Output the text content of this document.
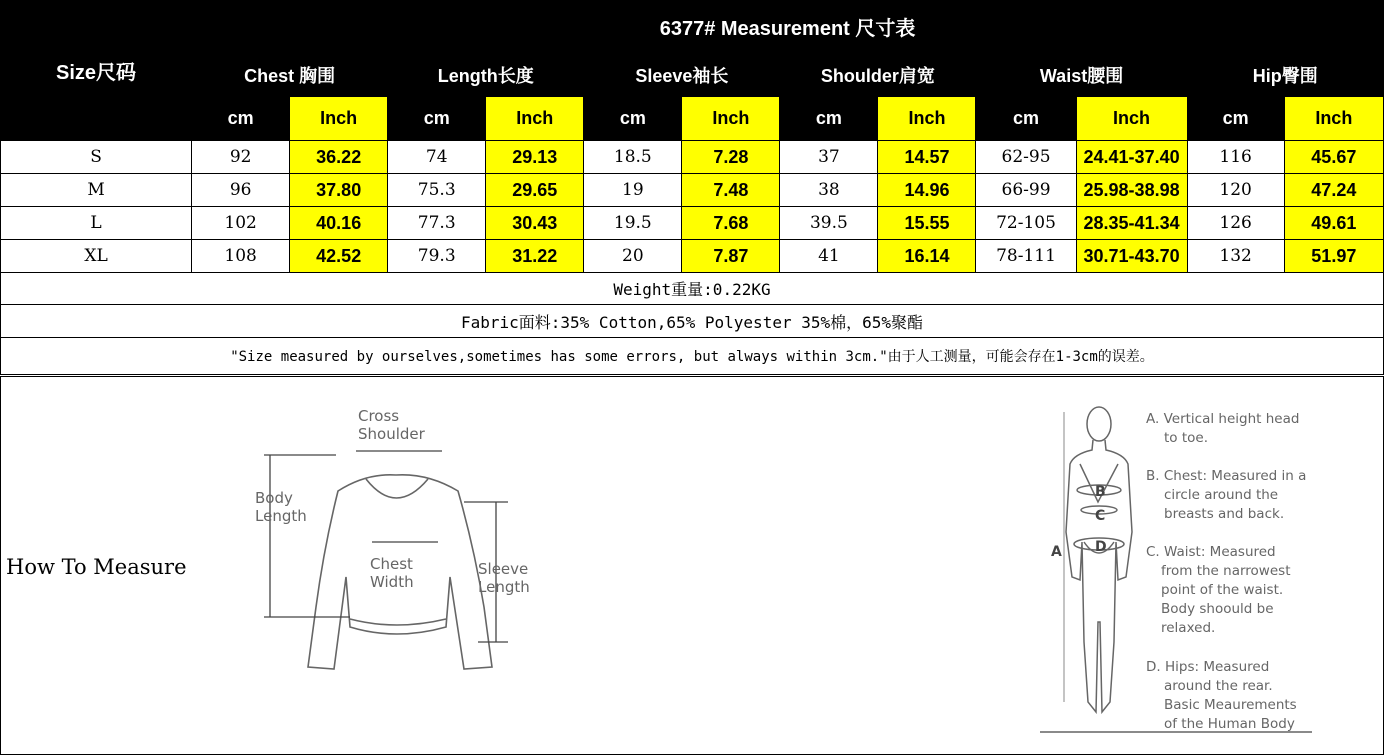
Size尺码	6377# Measurement 尺寸表											
	Chest 胸围		Length长度		Sleeve袖长		Shoulder肩宽		Waist腰围		Hip臀围	
	cm	Inch	cm	Inch	cm	Inch	cm	Inch	cm	Inch	cm	Inch
S	92	36.22	74	29.13	18.5	7.28	37	14.57	62-95	24.41-37.40	116	45.67
M	96	37.80	75.3	29.65	19	7.48	38	14.96	66-99	25.98-38.98	120	47.24
L	102	40.16	77.3	30.43	19.5	7.68	39.5	15.55	72-105	28.35-41.34	126	49.61
XL	108	42.52	79.3	31.22	20	7.87	41	16.14	78-111	30.71-43.70	132	51.97
Weight重量:0.22KG												
Fabric面料:35% Cotton,65% Polyester 35%棉，65%聚酯												
"Size measured by ourselves,sometimes has some errors, but always within 3cm."由于人工测量，可能会存在1-3cm的误差。												
How To Measure
Cross
Shoulder
Body
Length
Chest
Width
Sleeve
Length
A
B
C
D
A. Vertical height head
to toe.
B. Chest: Measured in a
circle around the
breasts and back.
C. Waist: Measured
from the narrowest
point of the waist.
Body shoould be
relaxed.
D. Hips: Measured
around the rear.
Basic Meaurements
of the Human Body
